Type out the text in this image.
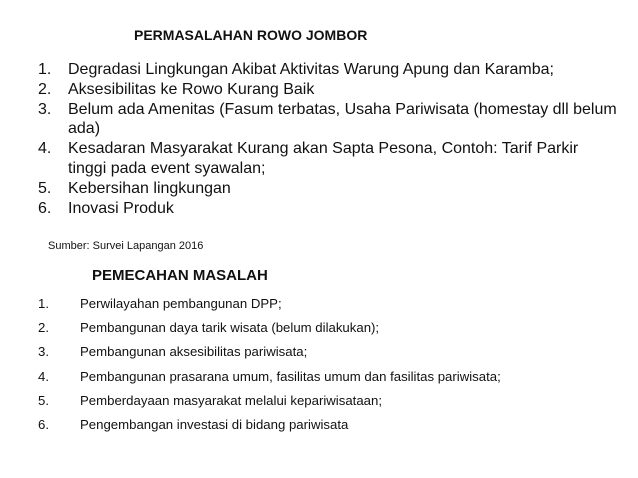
PERMASALAHAN ROWO JOMBOR
1.	Degradasi Lingkungan Akibat Aktivitas Warung Apung dan Karamba;
2.	Aksesibilitas ke Rowo Kurang Baik
3.	Belum ada Amenitas (Fasum terbatas, Usaha Pariwisata (homestay dll belum ada)
4.	Kesadaran Masyarakat Kurang akan Sapta Pesona, Contoh: Tarif Parkir tinggi pada event syawalan;
5.	Kebersihan lingkungan
6.	Inovasi Produk
Sumber: Survei Lapangan 2016
PEMECAHAN MASALAH
1.	Perwilayahan pembangunan DPP;
2.	Pembangunan daya tarik wisata (belum dilakukan);
3.	Pembangunan aksesibilitas pariwisata;
4.	Pembangunan prasarana umum, fasilitas umum dan fasilitas pariwisata;
5.	Pemberdayaan masyarakat melalui kepariwisataan;
6.	Pengembangan investasi di bidang pariwisata
